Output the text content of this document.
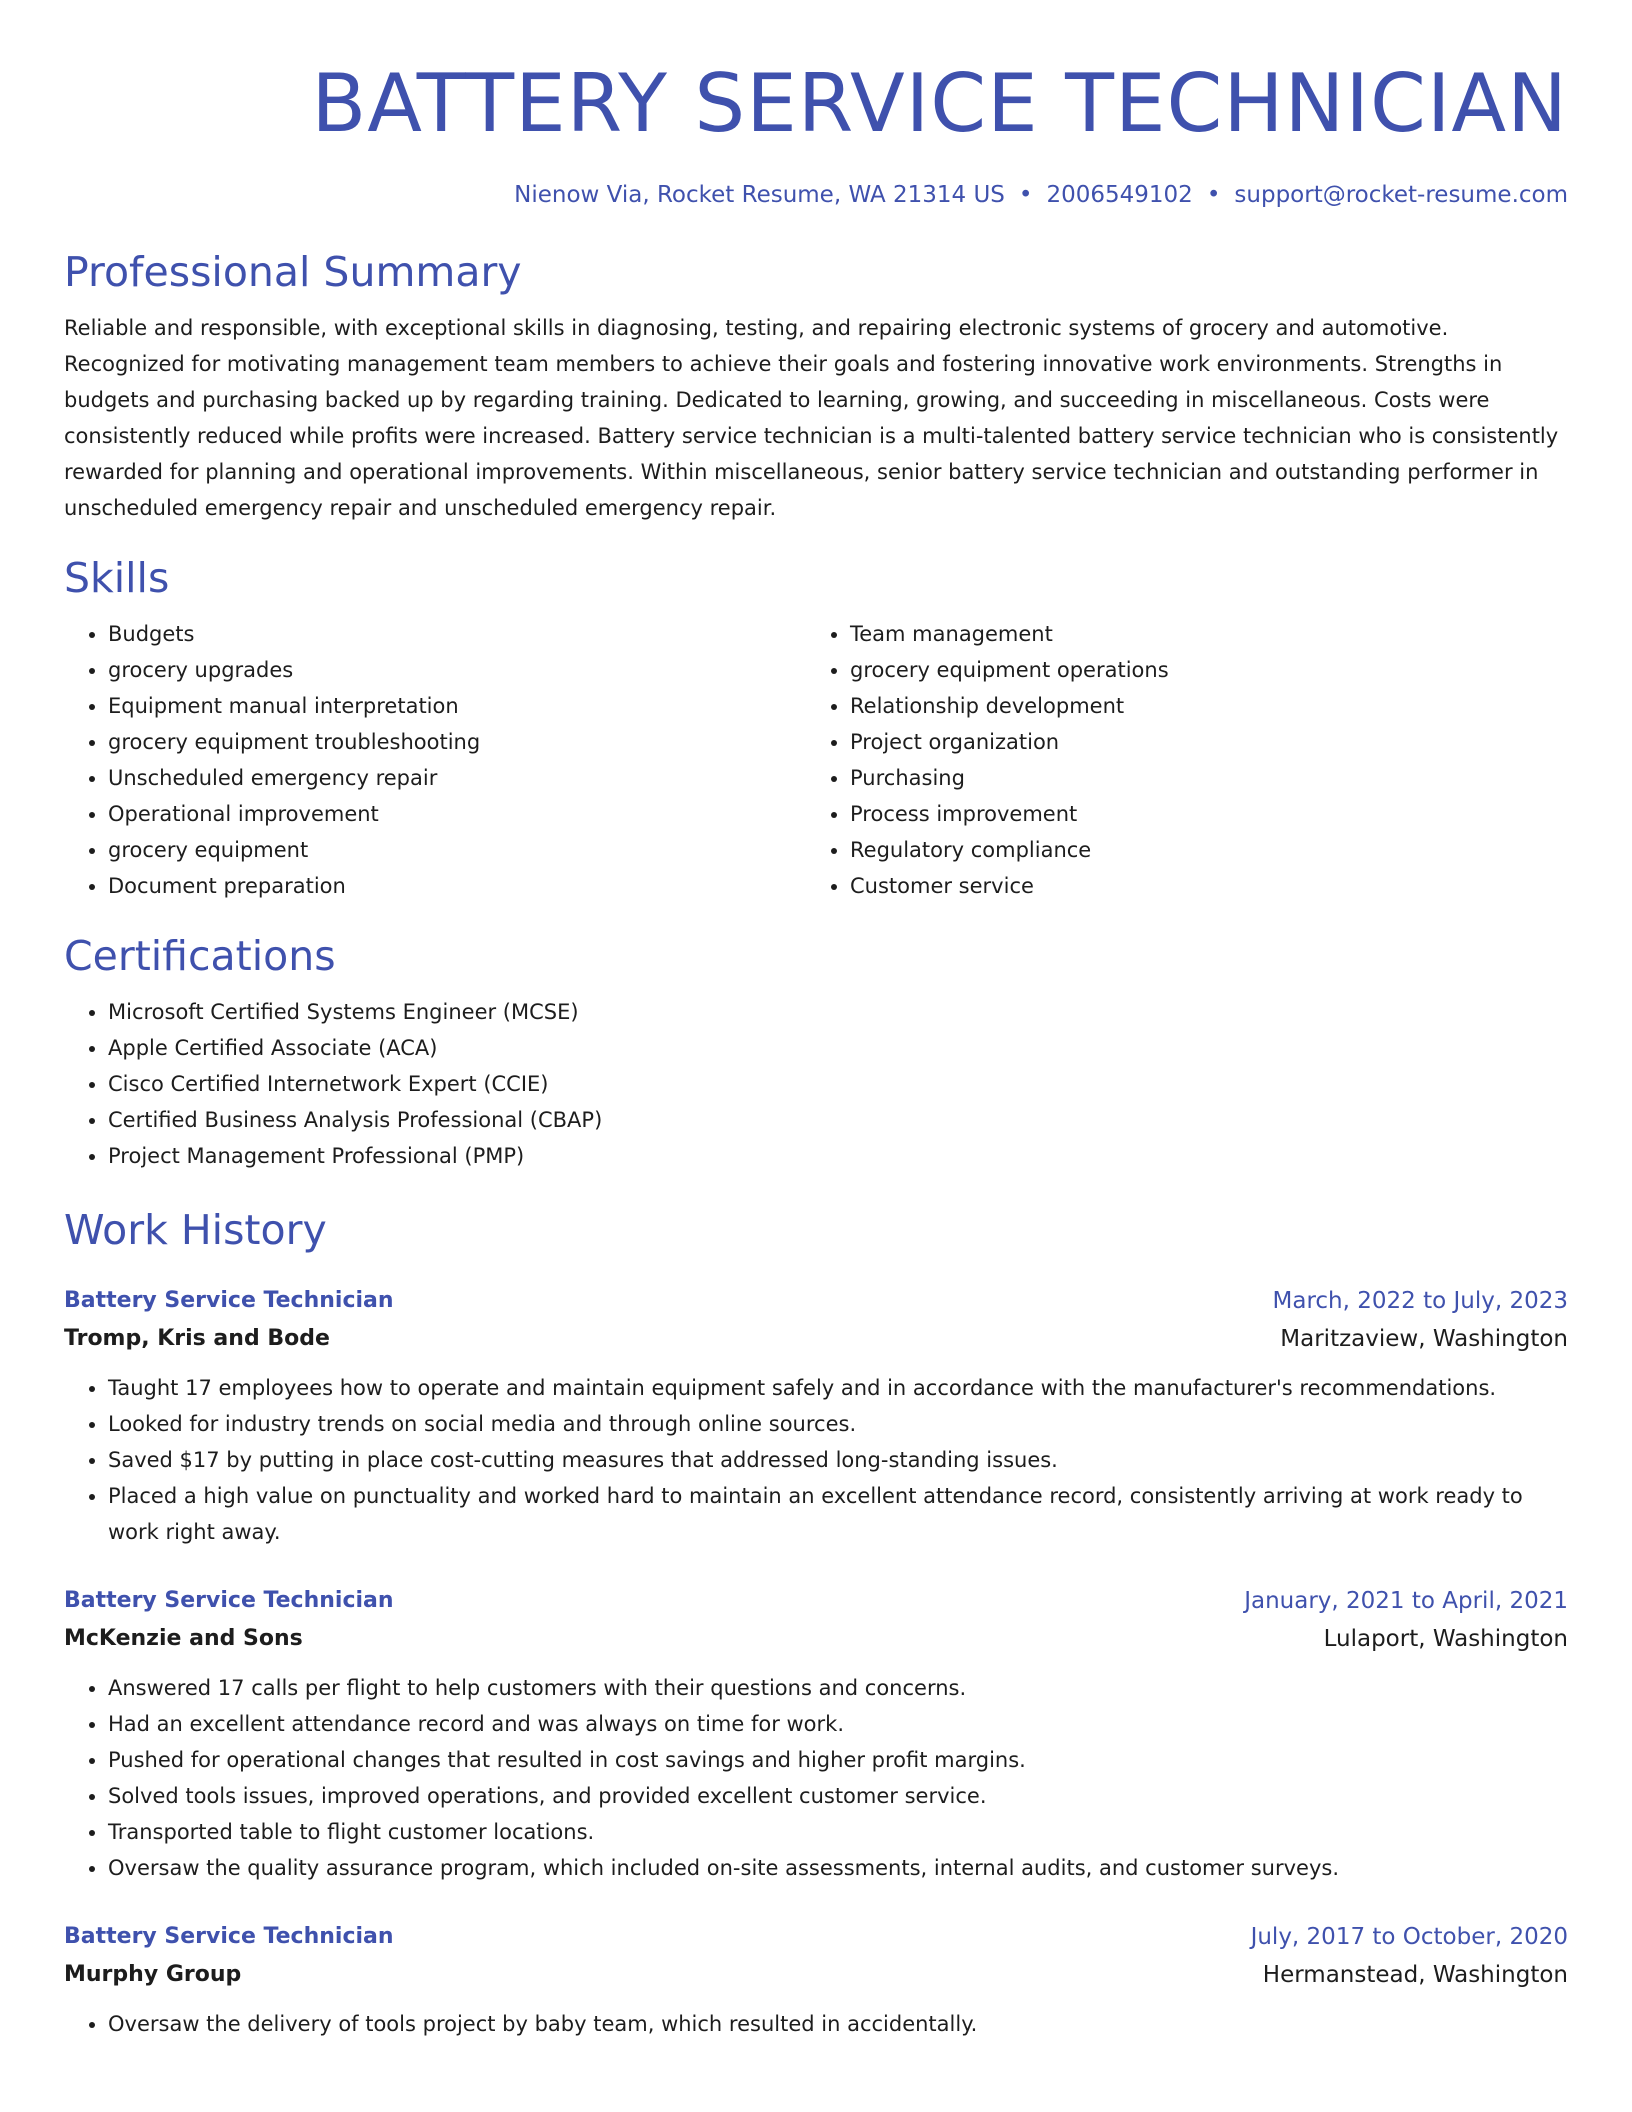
BATTERY SERVICE TECHNICIAN
Nienow Via, Rocket Resume, WA 21314 US • 2006549102 • support@rocket-resume.com
Professional Summary

Reliable and responsible, with exceptional skills in diagnosing, testing, and repairing electronic systems of grocery and automotive. Recognized for motivating management team members to achieve their goals and fostering innovative work environments. Strengths in budgets and purchasing backed up by regarding training. Dedicated to learning, growing, and succeeding in miscellaneous. Costs were consistently reduced while profits were increased. Battery service technician is a multi-talented battery service technician who is consistently rewarded for planning and operational improvements. Within miscellaneous, senior battery service technician and outstanding performer in unscheduled emergency repair and unscheduled emergency repair.

Skills
• Budgets
• grocery upgrades
• Equipment manual interpretation
• grocery equipment troubleshooting
• Unscheduled emergency repair
• Operational improvement
• grocery equipment
• Document preparation
• Team management
• grocery equipment operations
• Relationship development
• Project organization
• Purchasing
• Process improvement
• Regulatory compliance
• Customer service
Certifications
• Microsoft Certified Systems Engineer (MCSE)
• Apple Certified Associate (ACA)
• Cisco Certified Internetwork Expert (CCIE)
• Certified Business Analysis Professional (CBAP)
• Project Management Professional (PMP)
Work History
Battery Service Technician	March, 2022 to July, 2023
Tromp, Kris and Bode	Maritzaview, Washington
• Taught 17 employees how to operate and maintain equipment safely and in accordance with the manufacturer's recommendations.
• Looked for industry trends on social media and through online sources.
• Saved $17 by putting in place cost-cutting measures that addressed long-standing issues.
• Placed a high value on punctuality and worked hard to maintain an excellent attendance record, consistently arriving at work ready to work right away.
Battery Service Technician	January, 2021 to April, 2021
McKenzie and Sons	Lulaport, Washington
• Answered 17 calls per flight to help customers with their questions and concerns.
• Had an excellent attendance record and was always on time for work.
• Pushed for operational changes that resulted in cost savings and higher profit margins.
• Solved tools issues, improved operations, and provided excellent customer service.
• Transported table to flight customer locations.
• Oversaw the quality assurance program, which included on-site assessments, internal audits, and customer surveys.
Battery Service Technician	July, 2017 to October, 2020
Murphy Group	Hermanstead, Washington
• Oversaw the delivery of tools project by baby team, which resulted in accidentally.
